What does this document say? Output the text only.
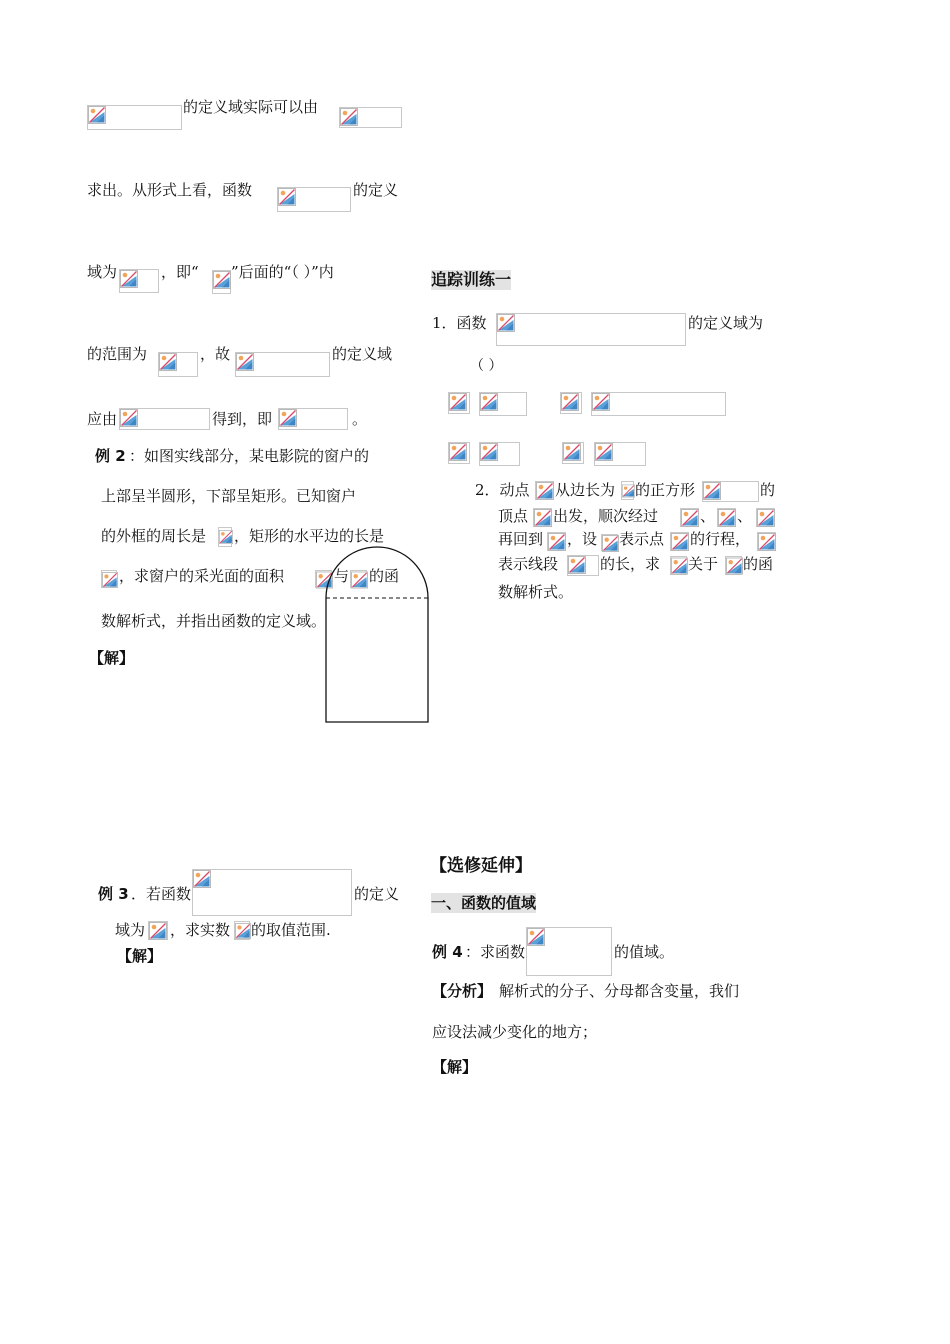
的定义域实际可以由
求出。从形式上看，函数	的定义
域为	，即“ ”后面的“（ ）”内
的范围为	，故	的定义域
应由	得到，即	。
例 2 ：如图实线部分，某电影院的窗户的
上部呈半圆形，下部呈矩形。已知窗户
的外框的周长是 ，矩形的水平边的长是
，求窗户的采光面的面积	与 的函
数解析式，并指出函数的定义域。
【解】
例 3 ．若函数	的定义
域为 ，求实数 的取值范围.
【解】
追踪训练一
1．函数	的定义域为
（ ）
2．动点 从边长为 的正方形	的
顶点 出发，顺次经过	、 、
再回到 ，设 表示点 的行程，
表示线段	的长，求 关于 的函
数解析式。
【选修延伸】
一、函数的值域
例 4 ：求函数	的值域。
【分析】 解析式的分子、分母都含变量，我们
应设法减少变化的地方；
【解】
